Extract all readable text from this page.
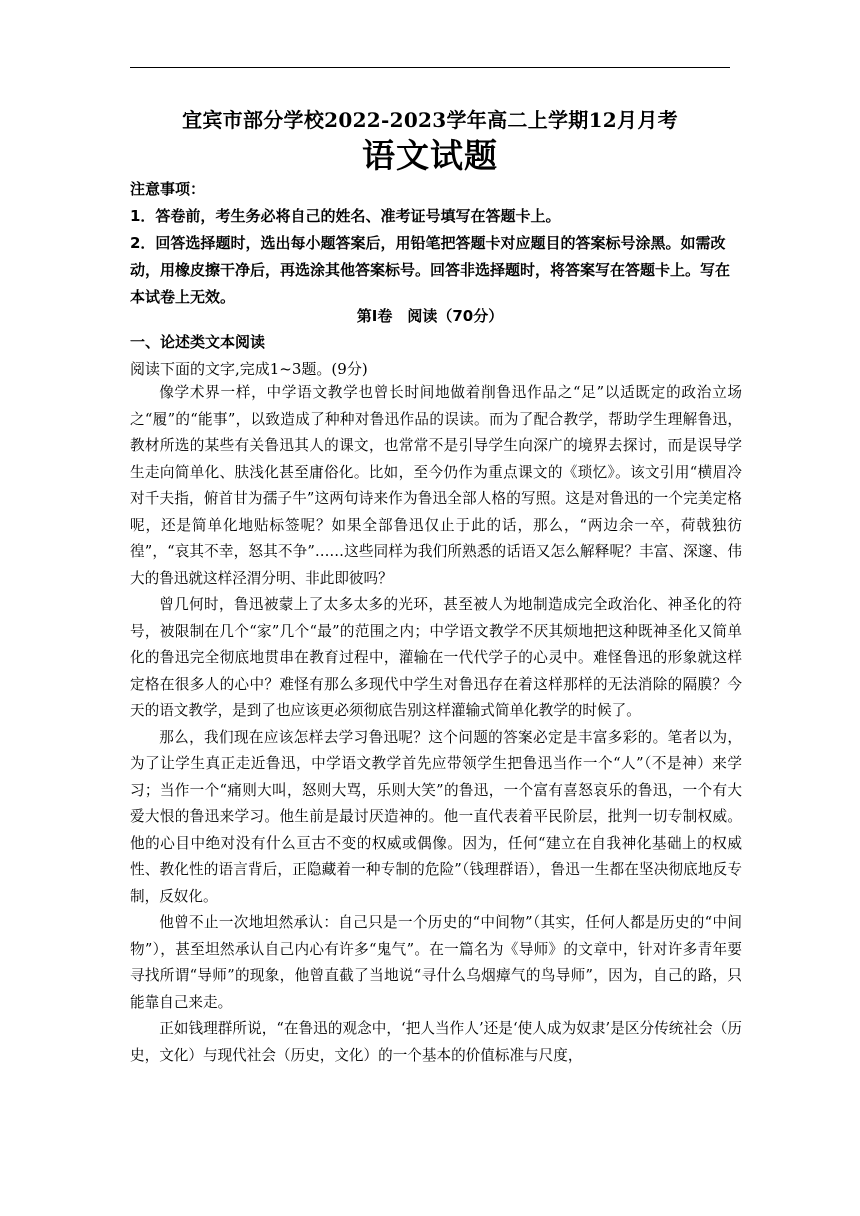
宜宾市部分学校2022-2023学年高二上学期12月月考
语文试题

注意事项：

1．答卷前，考生务必将自己的姓名、准考证号填写在答题卡上。

2．回答选择题时，选出每小题答案后，用铅笔把答题卡对应题目的答案标号涂黑。如需改动，用橡皮擦干净后，再选涂其他答案标号。回答非选择题时，将答案写在答题卡上。写在本试卷上无效。

第Ⅰ卷　阅读（70分）
一、论述类文本阅读
阅读下面的文字,完成1~3题。(9分)

像学术界一样，中学语文教学也曾长时间地做着削鲁迅作品之“足”以适既定的政治立场之“履”的“能事”，以致造成了种种对鲁迅作品的误读。而为了配合教学，帮助学生理解鲁迅，教材所选的某些有关鲁迅其人的课文，也常常不是引导学生向深广的境界去探讨，而是误导学生走向简单化、肤浅化甚至庸俗化。比如，至今仍作为重点课文的《琐忆》。该文引用“横眉冷对千夫指，俯首甘为孺子牛”这两句诗来作为鲁迅全部人格的写照。这是对鲁迅的一个完美定格呢，还是简单化地贴标签呢？如果全部鲁迅仅止于此的话，那么，“两边余一卒，荷戟独彷徨”，“哀其不幸，怒其不争”……这些同样为我们所熟悉的话语又怎么解释呢？丰富、深邃、伟大的鲁迅就这样泾渭分明、非此即彼吗？

曾几何时，鲁迅被蒙上了太多太多的光环，甚至被人为地制造成完全政治化、神圣化的符号，被限制在几个“家”几个“最”的范围之内；中学语文教学不厌其烦地把这种既神圣化又简单化的鲁迅完全彻底地贯串在教育过程中，灌输在一代代学子的心灵中。难怪鲁迅的形象就这样定格在很多人的心中？难怪有那么多现代中学生对鲁迅存在着这样那样的无法消除的隔膜？今天的语文教学，是到了也应该更必须彻底告别这样灌输式简单化教学的时候了。

那么，我们现在应该怎样去学习鲁迅呢？这个问题的答案必定是丰富多彩的。笔者以为，为了让学生真正走近鲁迅，中学语文教学首先应带领学生把鲁迅当作一个“人”（不是神）来学习；当作一个“痛则大叫，怒则大骂，乐则大笑”的鲁迅，一个富有喜怒哀乐的鲁迅，一个有大爱大恨的鲁迅来学习。他生前是最讨厌造神的。他一直代表着平民阶层，批判一切专制权威。他的心目中绝对没有什么亘古不变的权威或偶像。因为，任何“建立在自我神化基础上的权威性、教化性的语言背后，正隐藏着一种专制的危险”（钱理群语），鲁迅一生都在坚决彻底地反专制，反奴化。

他曾不止一次地坦然承认：自己只是一个历史的“中间物”（其实，任何人都是历史的“中间物”），甚至坦然承认自己内心有许多“鬼气”。在一篇名为《导师》的文章中，针对许多青年要寻找所谓“导师”的现象，他曾直截了当地说“寻什么乌烟瘴气的鸟导师”，因为，自己的路，只能靠自己来走。

正如钱理群所说，“在鲁迅的观念中，‘把人当作人’还是‘使人成为奴隶’是区分传统社会（历史，文化）与现代社会（历史，文化）的一个基本的价值标准与尺度，
